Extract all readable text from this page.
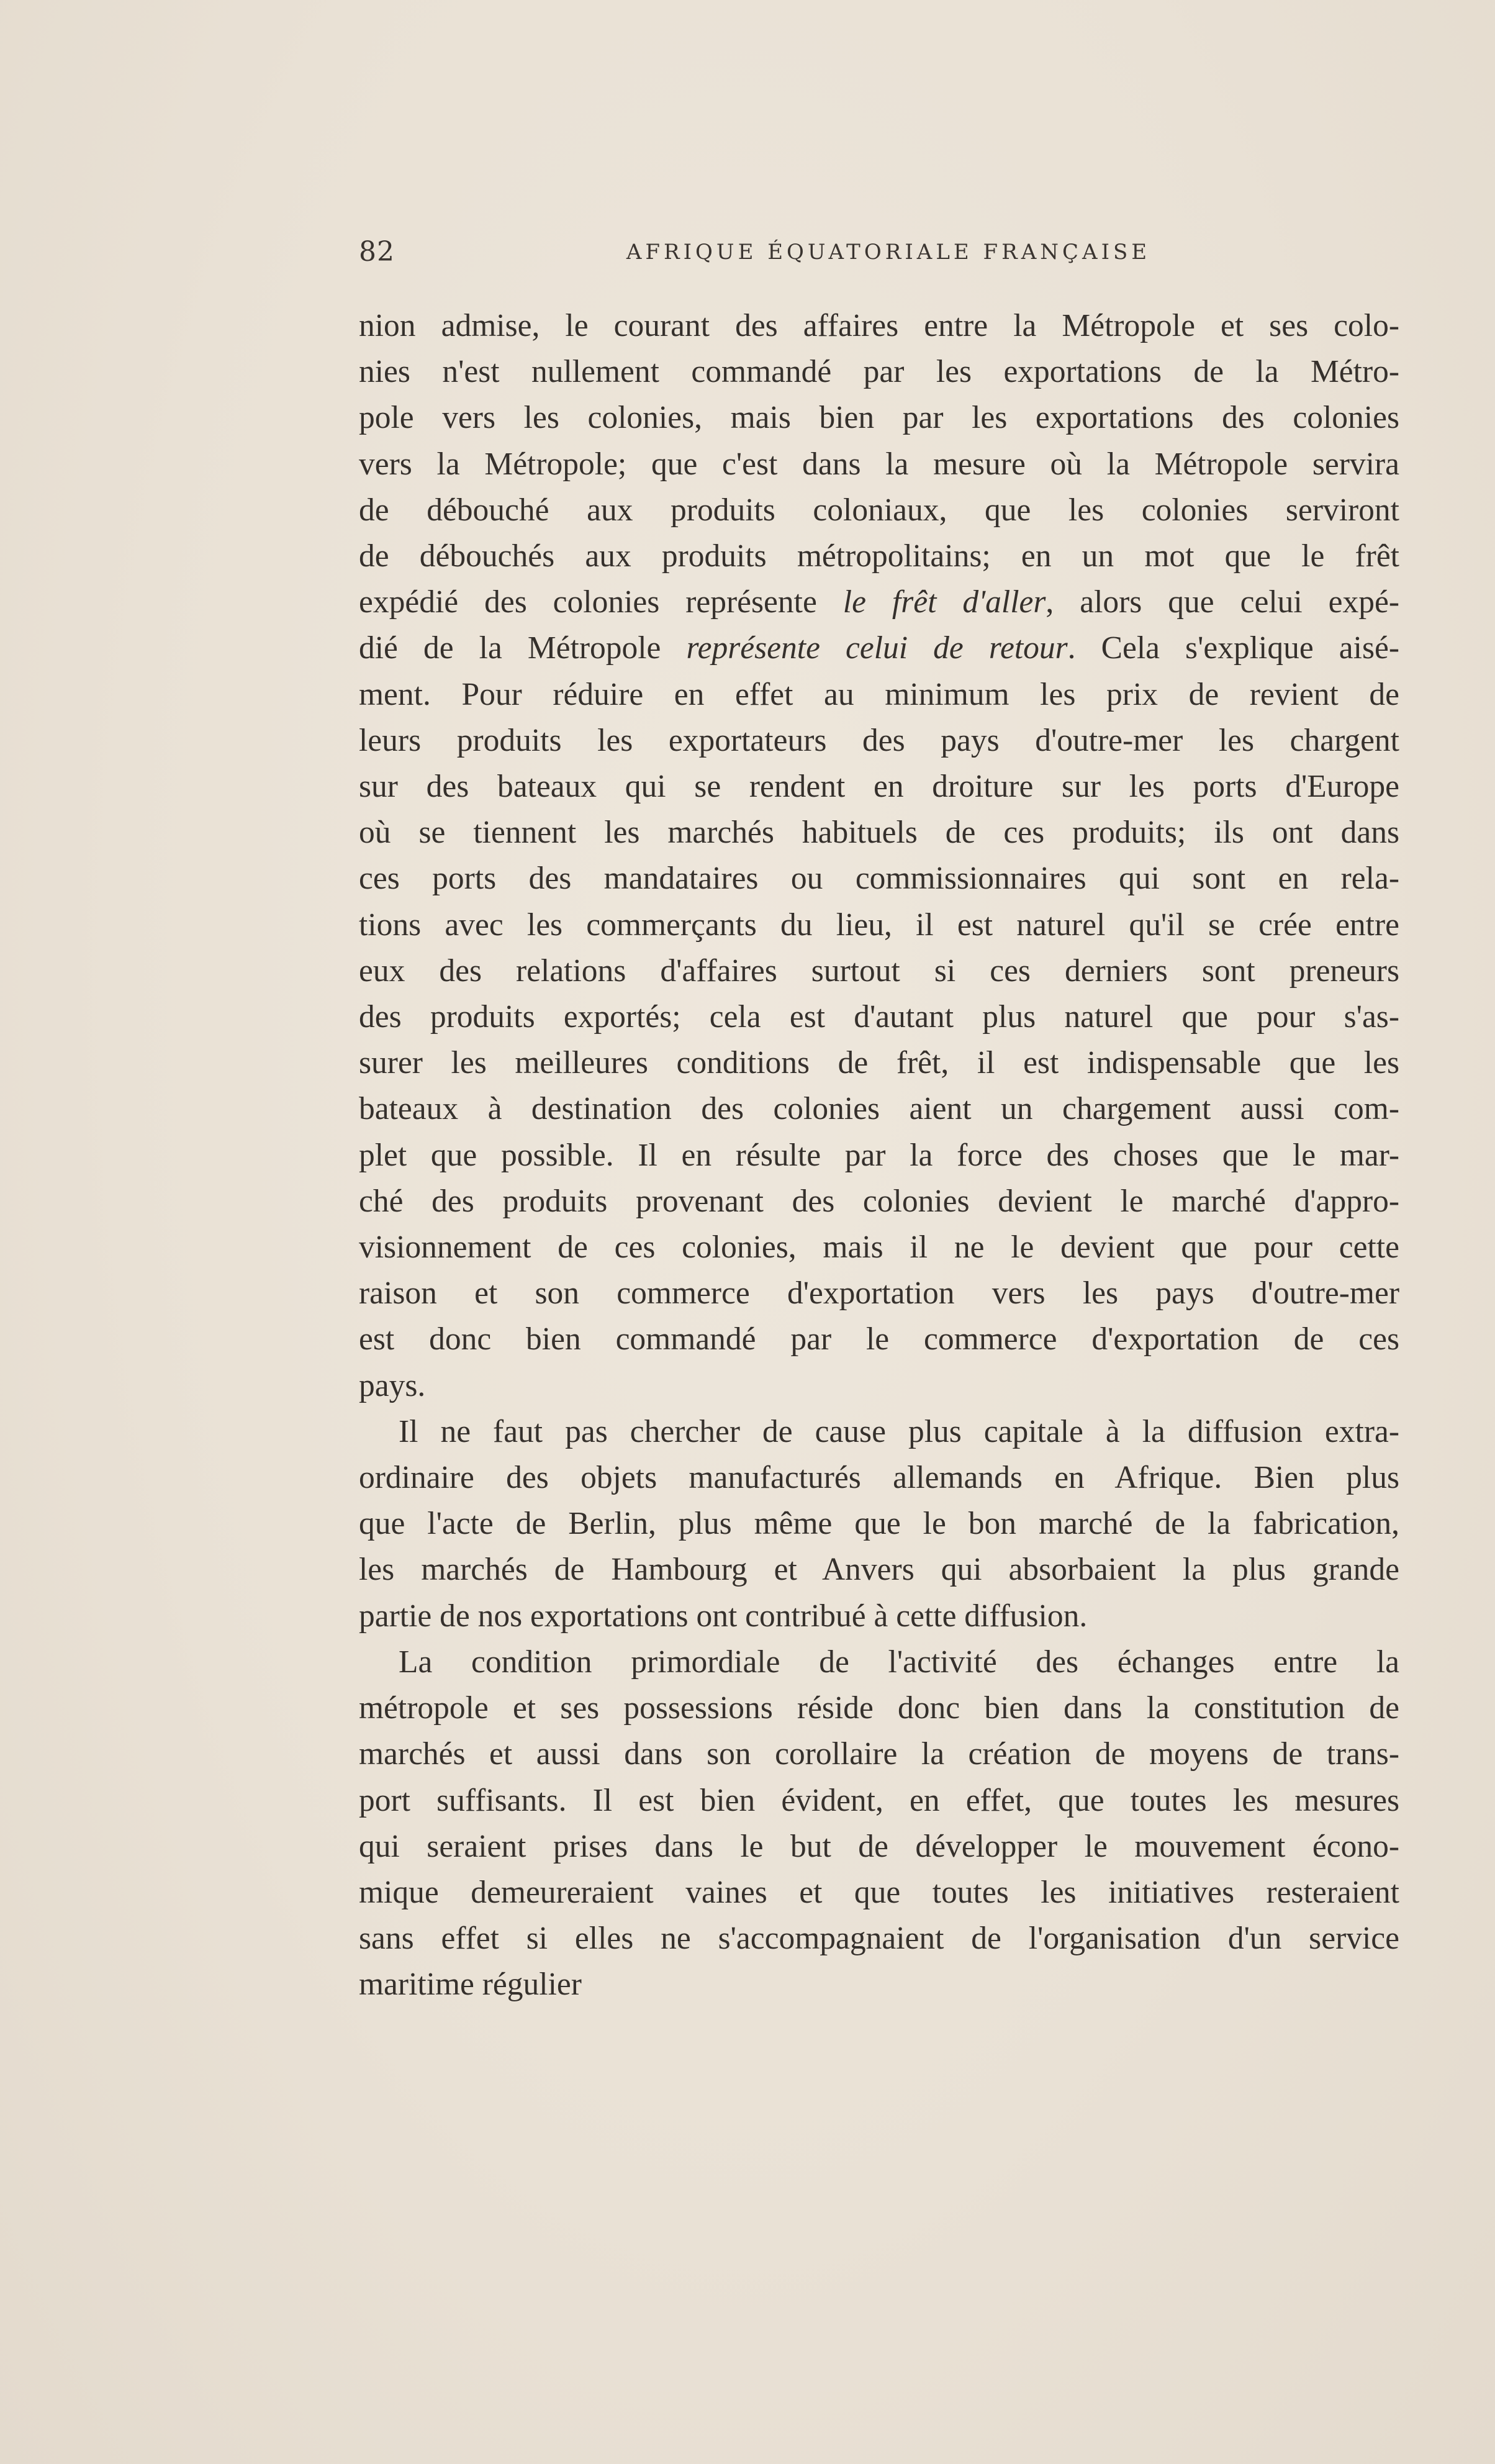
82	AFRIQUE ÉQUATORIALE FRANÇAISE

nion admise, le courant des affaires entre la Métropole et ses colo-
nies n'est nullement commandé par les exportations de la Métro-
pole vers les colonies, mais bien par les exportations des colonies
vers la Métropole; que c'est dans la mesure où la Métropole servira
de débouché aux produits coloniaux, que les colonies serviront
de débouchés aux produits métropolitains; en un mot que le frêt
expédié des colonies représente le frêt d'aller, alors que celui expé-
dié de la Métropole représente celui de retour. Cela s'explique aisé-
ment. Pour réduire en effet au minimum les prix de revient de
leurs produits les exportateurs des pays d'outre-mer les chargent
sur des bateaux qui se rendent en droiture sur les ports d'Europe
où se tiennent les marchés habituels de ces produits; ils ont dans
ces ports des mandataires ou commissionnaires qui sont en rela-
tions avec les commerçants du lieu, il est naturel qu'il se crée entre
eux des relations d'affaires surtout si ces derniers sont preneurs
des produits exportés; cela est d'autant plus naturel que pour s'as-
surer les meilleures conditions de frêt, il est indispensable que les
bateaux à destination des colonies aient un chargement aussi com-
plet que possible. Il en résulte par la force des choses que le mar-
ché des produits provenant des colonies devient le marché d'appro-
visionnement de ces colonies, mais il ne le devient que pour cette
raison et son commerce d'exportation vers les pays d'outre-mer
est donc bien commandé par le commerce d'exportation de ces
pays.

Il ne faut pas chercher de cause plus capitale à la diffusion extra-
ordinaire des objets manufacturés allemands en Afrique. Bien plus
que l'acte de Berlin, plus même que le bon marché de la fabrication,
les marchés de Hambourg et Anvers qui absorbaient la plus grande
partie de nos exportations ont contribué à cette diffusion.

La condition primordiale de l'activité des échanges entre la
métropole et ses possessions réside donc bien dans la constitution de
marchés et aussi dans son corollaire la création de moyens de trans-
port suffisants. Il est bien évident, en effet, que toutes les mesures
qui seraient prises dans le but de développer le mouvement écono-
mique demeureraient vaines et que toutes les initiatives resteraient
sans effet si elles ne s'accompagnaient de l'organisation d'un service
maritime régulier
